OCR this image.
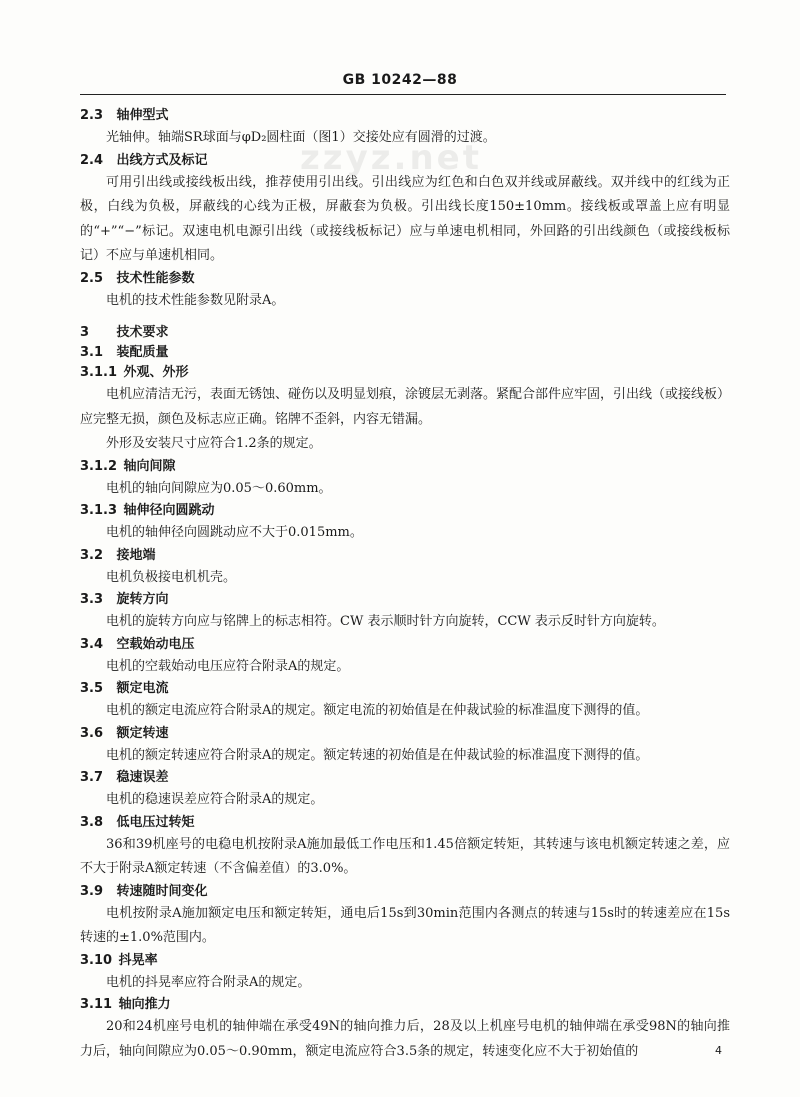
GB 10242—88
zzyz.net
2.3  轴伸型式
光轴伸。轴端SR球面与φD₂圆柱面（图1）交接处应有圆滑的过渡。
2.4  出线方式及标记
可用引出线或接线板出线，推荐使用引出线。引出线应为红色和白色双并线或屏蔽线。双并线中的红线为正极，白线为负极，屏蔽线的心线为正极，屏蔽套为负极。引出线长度150±10mm。接线板或罩盖上应有明显的“+”“−”标记。双速电机电源引出线（或接线板标记）应与单速电机相同，外回路的引出线颜色（或接线板标记）不应与单速机相同。
2.5  技术性能参数
电机的技术性能参数见附录A。
3  技术要求
3.1  装配质量
3.1.1  外观、外形
电机应清洁无污，表面无锈蚀、碰伤以及明显划痕，涂镀层无剥落。紧配合部件应牢固，引出线（或接线板）应完整无损，颜色及标志应正确。铭牌不歪斜，内容无错漏。
外形及安装尺寸应符合1.2条的规定。
3.1.2  轴向间隙
电机的轴向间隙应为0.05～0.60mm。
3.1.3  轴伸径向圆跳动
电机的轴伸径向圆跳动应不大于0.015mm。
3.2  接地端
电机负极接电机机壳。
3.3  旋转方向
电机的旋转方向应与铭牌上的标志相符。CW 表示顺时针方向旋转，CCW 表示反时针方向旋转。
3.4  空载始动电压
电机的空载始动电压应符合附录A的规定。
3.5  额定电流
电机的额定电流应符合附录A的规定。额定电流的初始值是在仲裁试验的标准温度下测得的值。
3.6  额定转速
电机的额定转速应符合附录A的规定。额定转速的初始值是在仲裁试验的标准温度下测得的值。
3.7  稳速误差
电机的稳速误差应符合附录A的规定。
3.8  低电压过转矩
36和39机座号的电稳电机按附录A施加最低工作电压和1.45倍额定转矩，其转速与该电机额定转速之差，应不大于附录A额定转速（不含偏差值）的3.0%。
3.9  转速随时间变化
电机按附录A施加额定电压和额定转矩，通电后15s到30min范围内各测点的转速与15s时的转速差应在15s转速的±1.0%范围内。
3.10  抖晃率
电机的抖晃率应符合附录A的规定。
3.11  轴向推力
20和24机座号电机的轴伸端在承受49N的轴向推力后，28及以上机座号电机的轴伸端在承受98N的轴向推力后，轴向间隙应为0.05～0.90mm，额定电流应符合3.5条的规定，转速变化应不大于初始值的	4
